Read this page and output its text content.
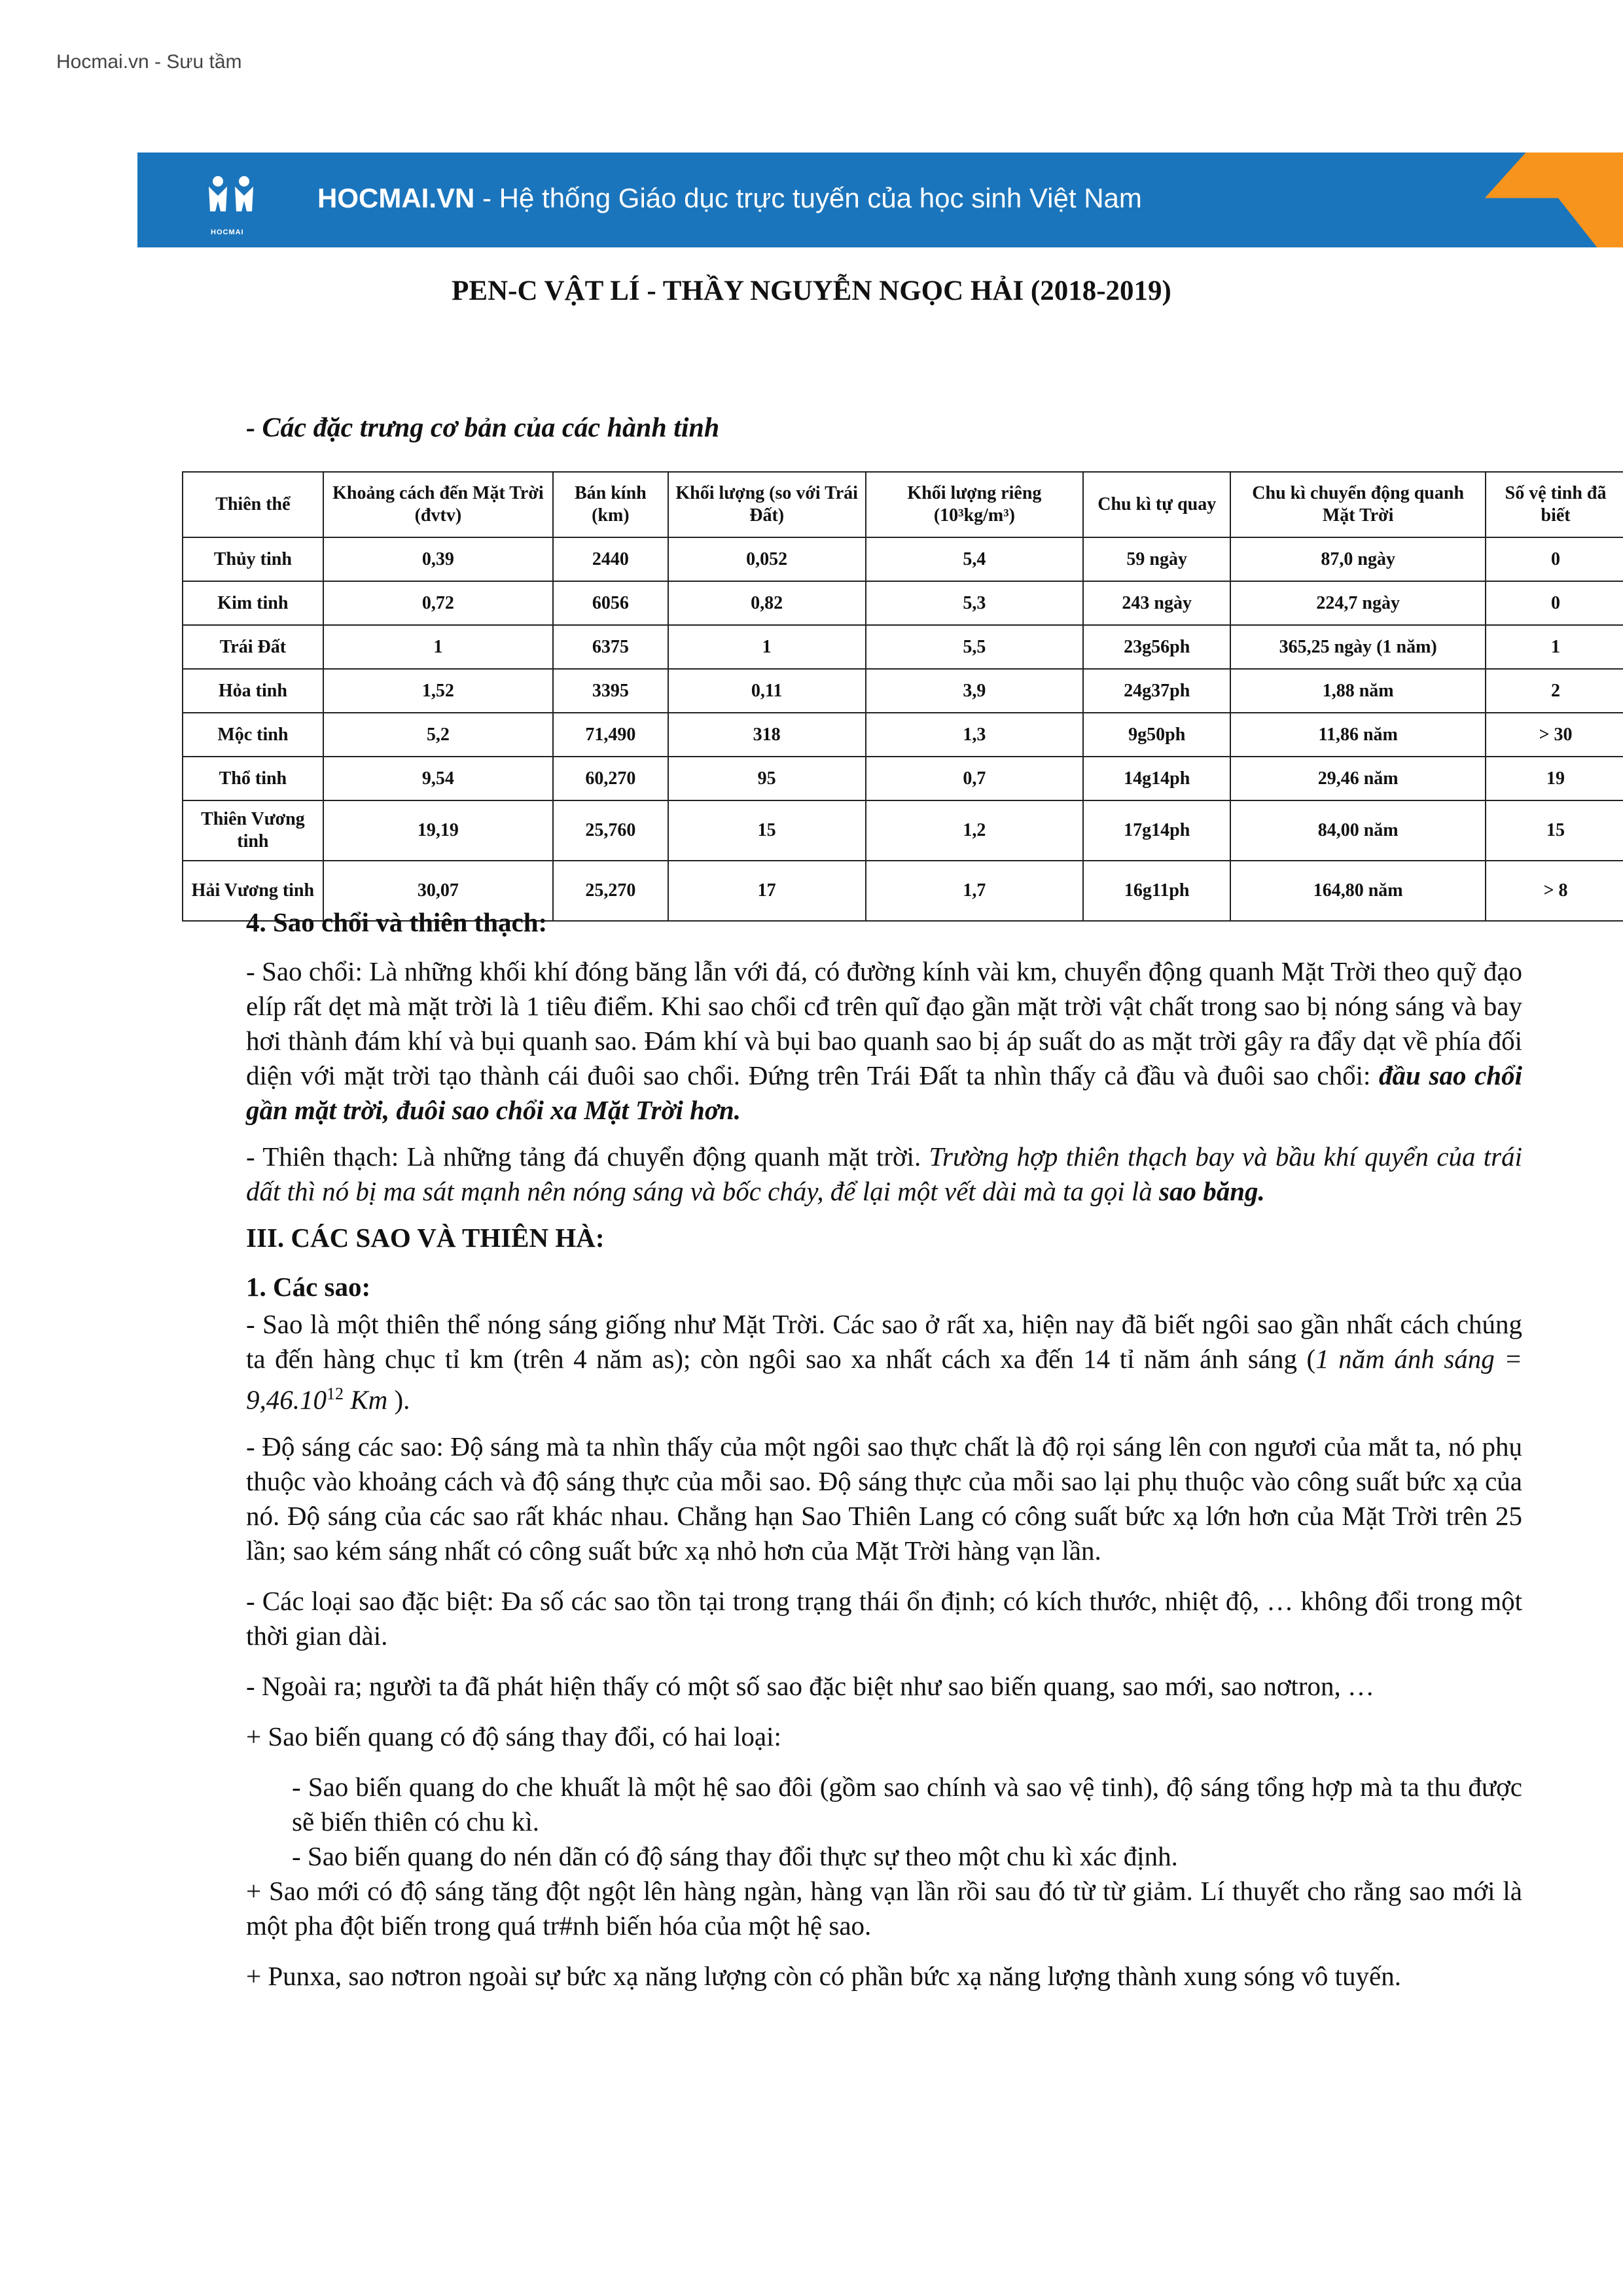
Hocmai.vn - Sưu tầm
HOCMAI
HOCMAI.VN - Hệ thống Giáo dục trực tuyến của học sinh Việt Nam
PEN-C VẬT LÍ - THẦY NGUYỄN NGỌC HẢI (2018-2019)
- Các đặc trưng cơ bản của các hành tinh
Thiên thể	Khoảng cách đến Mặt Trời (đvtv)	Bán kính (km)	Khối lượng (so với Trái Đất)	Khối lượng riêng (10³kg/m³)	Chu kì tự quay	Chu kì chuyển động quanh Mặt Trời	Số vệ tinh đã biết
Thủy tinh	0,39	2440	0,052	5,4	59 ngày	87,0 ngày	0
Kim tinh	0,72	6056	0,82	5,3	243 ngày	224,7 ngày	0
Trái Đất	1	6375	1	5,5	23g56ph	365,25 ngày (1 năm)	1
Hỏa tinh	1,52	3395	0,11	3,9	24g37ph	1,88 năm	2
Mộc tinh	5,2	71,490	318	1,3	9g50ph	11,86 năm	> 30
Thổ tinh	9,54	60,270	95	0,7	14g14ph	29,46 năm	19
Thiên Vương tinh	19,19	25,760	15	1,2	17g14ph	84,00 năm	15
Hải Vương tinh	30,07	25,270	17	1,7	16g11ph	164,80 năm	> 8

4. Sao chổi và thiên thạch:

- Sao chổi: Là những khối khí đóng băng lẫn với đá, có đường kính vài km, chuyển động quanh Mặt Trời theo quỹ đạo elíp rất dẹt mà mặt trời là 1 tiêu điểm. Khi sao chổi cđ trên quĩ đạo gần mặt trời vật chất trong sao bị nóng sáng và bay hơi thành đám khí và bụi quanh sao. Đám khí và bụi bao quanh sao bị áp suất do as mặt trời gây ra đẩy dạt về phía đối diện với mặt trời tạo thành cái đuôi sao chổi. Đứng trên Trái Đất ta nhìn thấy cả đầu và đuôi sao chổi: đầu sao chổi gần mặt trời, đuôi sao chổi xa Mặt Trời hơn.

- Thiên thạch: Là những tảng đá chuyển động quanh mặt trời. Trường hợp thiên thạch bay và bầu khí quyển của trái dất thì nó bị ma sát mạnh nên nóng sáng và bốc cháy, để lại một vết dài mà ta gọi là sao băng.

III. CÁC SAO VÀ THIÊN HÀ:

1. Các sao:

- Sao là một thiên thể nóng sáng giống như Mặt Trời. Các sao ở rất xa, hiện nay đã biết ngôi sao gần nhất cách chúng ta đến hàng chục tỉ km (trên 4 năm as); còn ngôi sao xa nhất cách xa đến 14 tỉ năm ánh sáng (1 năm ánh sáng = $9,46.10^{12}$ Km ).

- Độ sáng các sao: Độ sáng mà ta nhìn thấy của một ngôi sao thực chất là độ rọi sáng lên con ngươi của mắt ta, nó phụ thuộc vào khoảng cách và độ sáng thực của mỗi sao. Độ sáng thực của mỗi sao lại phụ thuộc vào công suất bức xạ của nó. Độ sáng của các sao rất khác nhau. Chẳng hạn Sao Thiên Lang có công suất bức xạ lớn hơn của Mặt Trời trên 25 lần; sao kém sáng nhất có công suất bức xạ nhỏ hơn của Mặt Trời hàng vạn lần.

- Các loại sao đặc biệt: Đa số các sao tồn tại trong trạng thái ổn định; có kích thước, nhiệt độ, … không đổi trong một thời gian dài.

- Ngoài ra; người ta đã phát hiện thấy có một số sao đặc biệt như sao biến quang, sao mới, sao nơtron, …

+ Sao biến quang có độ sáng thay đổi, có hai loại:

- Sao biến quang do che khuất là một hệ sao đôi (gồm sao chính và sao vệ tinh), độ sáng tổng hợp mà ta thu được sẽ biến thiên có chu kì.

- Sao biến quang do nén dãn có độ sáng thay đổi thực sự theo một chu kì xác định.

+ Sao mới có độ sáng tăng đột ngột lên hàng ngàn, hàng vạn lần rồi sau đó từ từ giảm. Lí thuyết cho rằng sao mới là một pha đột biến trong quá tr#nh biến hóa của một hệ sao.

+ Punxa, sao nơtron ngoài sự bức xạ năng lượng còn có phần bức xạ năng lượng thành xung sóng vô tuyến.
